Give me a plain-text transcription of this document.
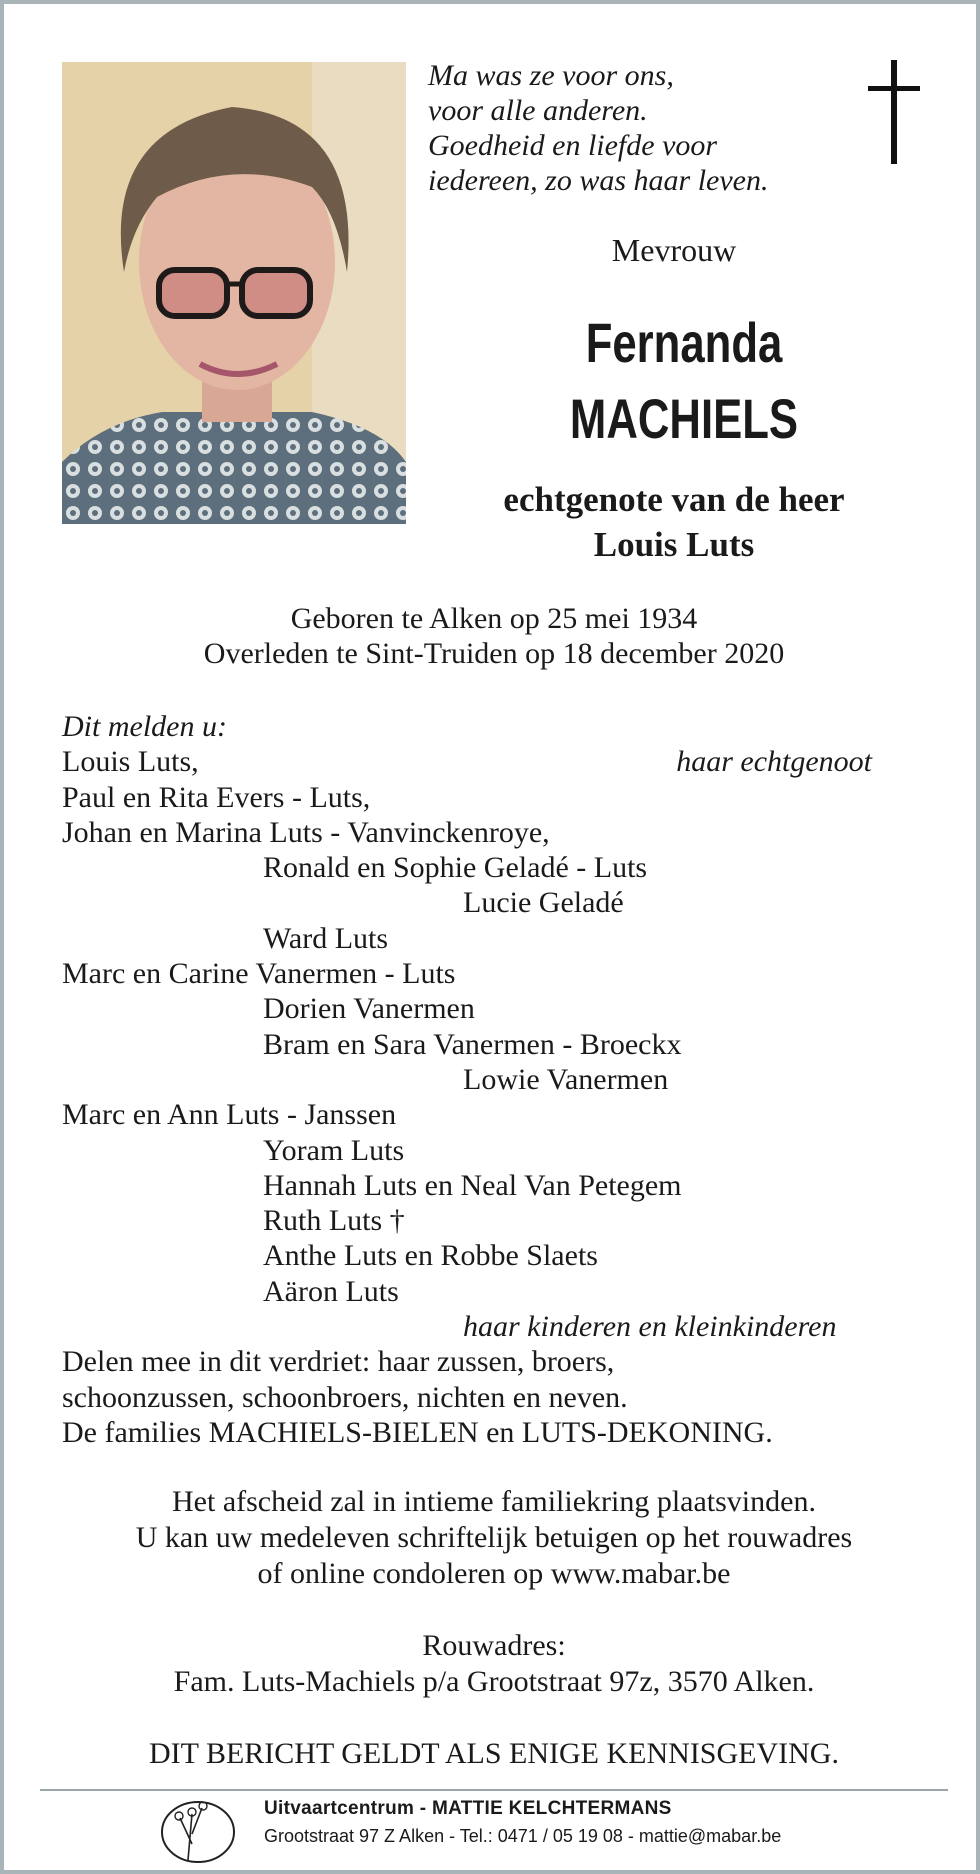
Ma was ze voor ons,
voor alle anderen.
Goedheid en liefde voor
iedereen, zo was haar leven.
Mevrouw
Fernanda
MACHIELS
echtgenote van de heer
Louis Luts
Geboren te Alken op 25 mei 1934
Overleden te Sint-Truiden op 18 december 2020
Dit melden u:
Louis Luts,	haar echtgenoot
Paul en Rita Evers - Luts,
Johan en Marina Luts - Vanvinckenroye,
Ronald en Sophie Geladé - Luts
Lucie Geladé
Ward Luts
Marc en Carine Vanermen - Luts
Dorien Vanermen
Bram en Sara Vanermen - Broeckx
Lowie Vanermen
Marc en Ann Luts - Janssen
Yoram Luts
Hannah Luts en Neal Van Petegem
Ruth Luts †
Anthe Luts en Robbe Slaets
Aäron Luts
haar kinderen en kleinkinderen
Delen mee in dit verdriet: haar zussen, broers,
schoonzussen, schoonbroers, nichten en neven.
De families MACHIELS-BIELEN en LUTS-DEKONING.
Het afscheid zal in intieme familiekring plaatsvinden.
U kan uw medeleven schriftelijk betuigen op het rouwadres
of online condoleren op www.mabar.be
Rouwadres:
Fam. Luts-Machiels p/a Grootstraat 97z, 3570 Alken.
DIT BERICHT GELDT ALS ENIGE KENNISGEVING.
Uitvaartcentrum - MATTIE KELCHTERMANS
Grootstraat 97 Z Alken - Tel.: 0471 / 05 19 08 - mattie@mabar.be
